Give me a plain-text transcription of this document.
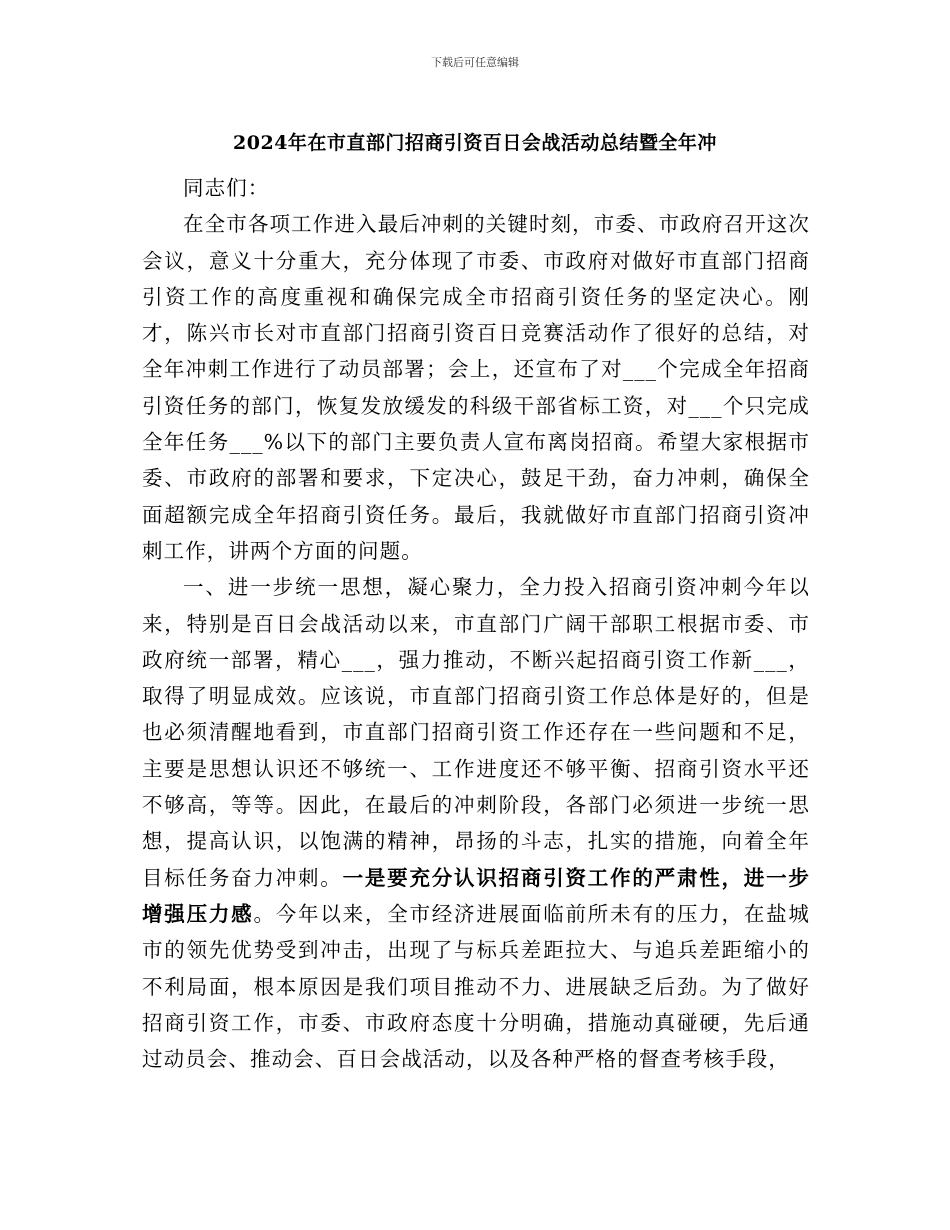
下载后可任意编辑
2024年在市直部门招商引资百日会战活动总结暨全年冲

同志们：

在全市各项工作进入最后冲刺的关键时刻，市委、市政府召开这次会议，意义十分重大，充分体现了市委、市政府对做好市直部门招商引资工作的高度重视和确保完成全市招商引资任务的坚定决心。刚才，陈兴市长对市直部门招商引资百日竞赛活动作了很好的总结，对全年冲刺工作进行了动员部署；会上，还宣布了对___个完成全年招商引资任务的部门，恢复发放缓发的科级干部省标工资，对___个只完成全年任务___%以下的部门主要负责人宣布离岗招商。希望大家根据市委、市政府的部署和要求，下定决心，鼓足干劲，奋力冲刺，确保全面超额完成全年招商引资任务。最后，我就做好市直部门招商引资冲刺工作，讲两个方面的问题。

一、进一步统一思想，凝心聚力，全力投入招商引资冲刺今年以来，特别是百日会战活动以来，市直部门广阔干部职工根据市委、市政府统一部署，精心___，强力推动，不断兴起招商引资工作新___，取得了明显成效。应该说，市直部门招商引资工作总体是好的，但是也必须清醒地看到，市直部门招商引资工作还存在一些问题和不足，主要是思想认识还不够统一、工作进度还不够平衡、招商引资水平还不够高，等等。因此，在最后的冲刺阶段，各部门必须进一步统一思想，提高认识，以饱满的精神，昂扬的斗志，扎实的措施，向着全年目标任务奋力冲刺。一是要充分认识招商引资工作的严肃性，进一步增强压力感。今年以来，全市经济进展面临前所未有的压力，在盐城市的领先优势受到冲击，出现了与标兵差距拉大、与追兵差距缩小的不利局面，根本原因是我们项目推动不力、进展缺乏后劲。为了做好招商引资工作，市委、市政府态度十分明确，措施动真碰硬，先后通过动员会、推动会、百日会战活动，以及各种严格的督查考核手段，
